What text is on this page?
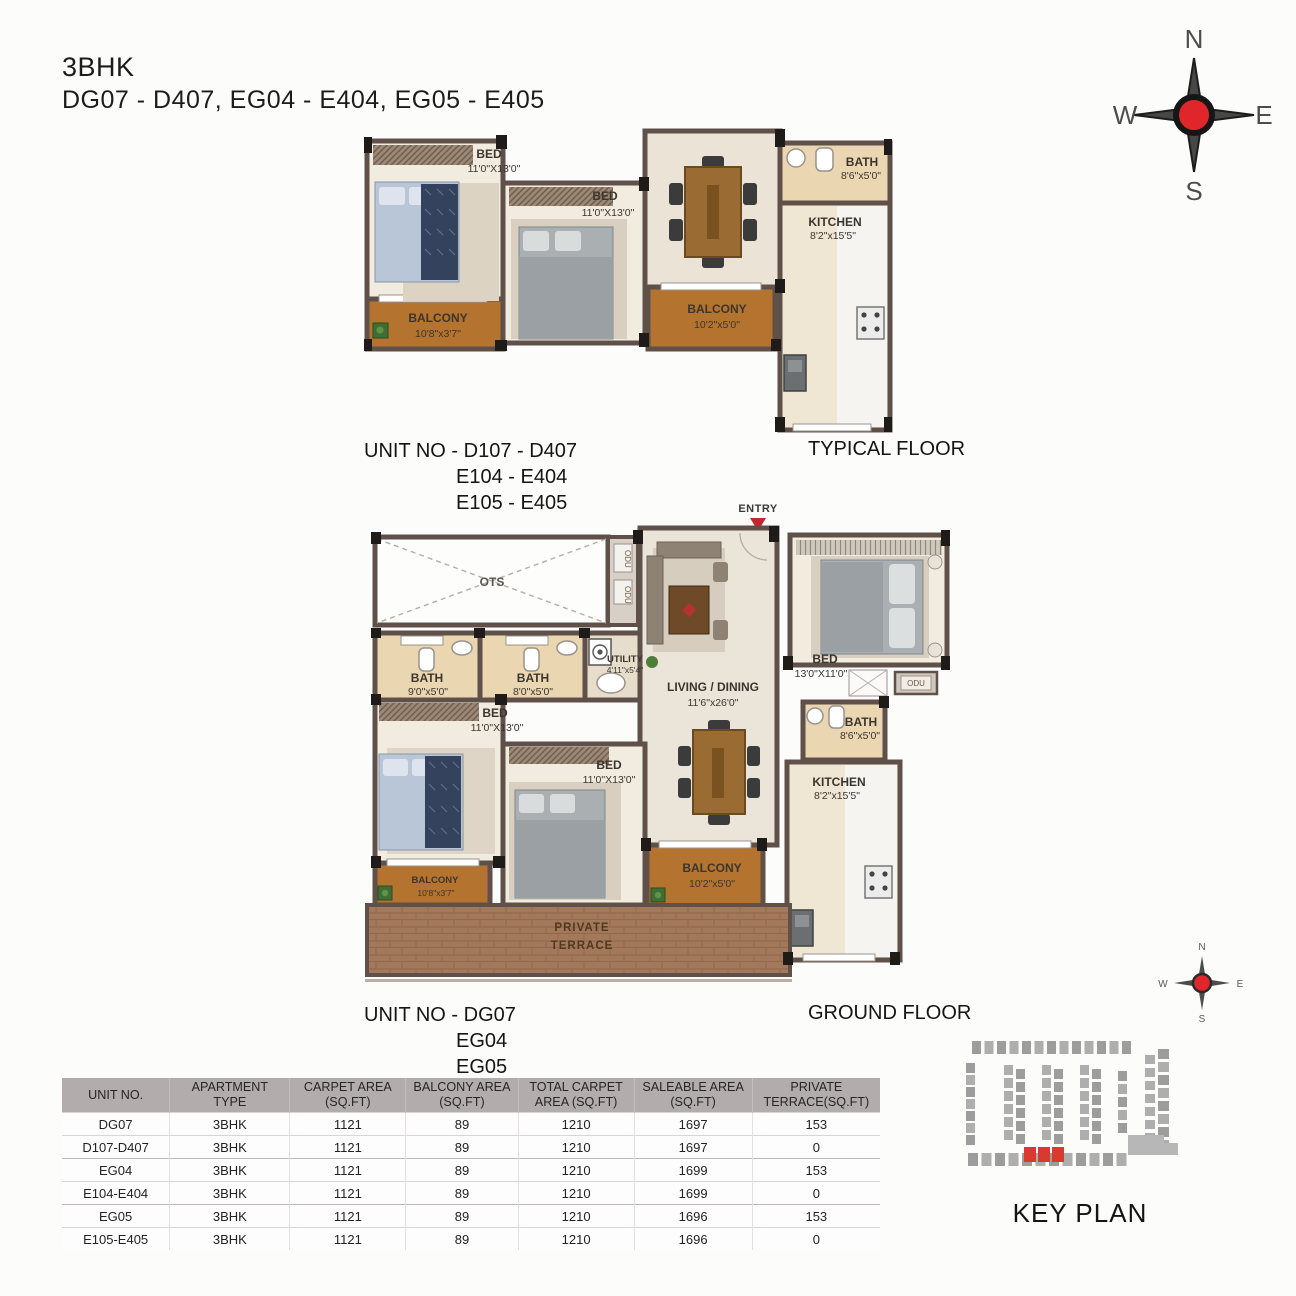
3BHK
DG07 - D407, EG04 - E404, EG05 - E405
N
W	E
S
BED
11'0"X13'0"
BED
11'0"X13'0"
BALCONY
10'8"x3'7"
BALCONY
10'2"x5'0"
BATH
8'6"x5'0"
KITCHEN
8'2"x15'5"
UNIT NO - D107 - D407
E104 - E404
E105 - E405
TYPICAL FLOOR
ENTRY
OTS
ODU
ODU
LIVING / DINING
11'6"x26'0"
BED
13'0"X11'0"
ODU
BATH
8'6"x5'0"
KITCHEN
8'2"x15'5"
BATH
9'0"x5'0"
BATH
8'0"x5'0"
UTILITY
4'11"x5'4"
BED
11'0"X13'0"
BED
11'0"X13'0"
BALCONY
10'8"x3'7"
BALCONY
10'2"x5'0"
PRIVATE
TERRACE
UNIT NO - DG07
EG04
EG05
GROUND FLOOR
UNIT NO.

APARTMENT
TYPE

CARPET AREA
(SQ.FT)

BALCONY AREA
(SQ.FT)

TOTAL CARPET
AREA (SQ.FT)

SALEABLE AREA
(SQ.FT)

PRIVATE
TERRACE(SQ.FT)

DG07	3BHK	1121	89	1210	1697	153
D107-D407	3BHK	1121	89	1210	1697	0
EG04	3BHK	1121	89	1210	1699	153
E104-E404	3BHK	1121	89	1210	1699	0
EG05	3BHK	1121	89	1210	1696	153
E105-E405	3BHK	1121	89	1210	1696	0
N
W	E
S
KEY PLAN
